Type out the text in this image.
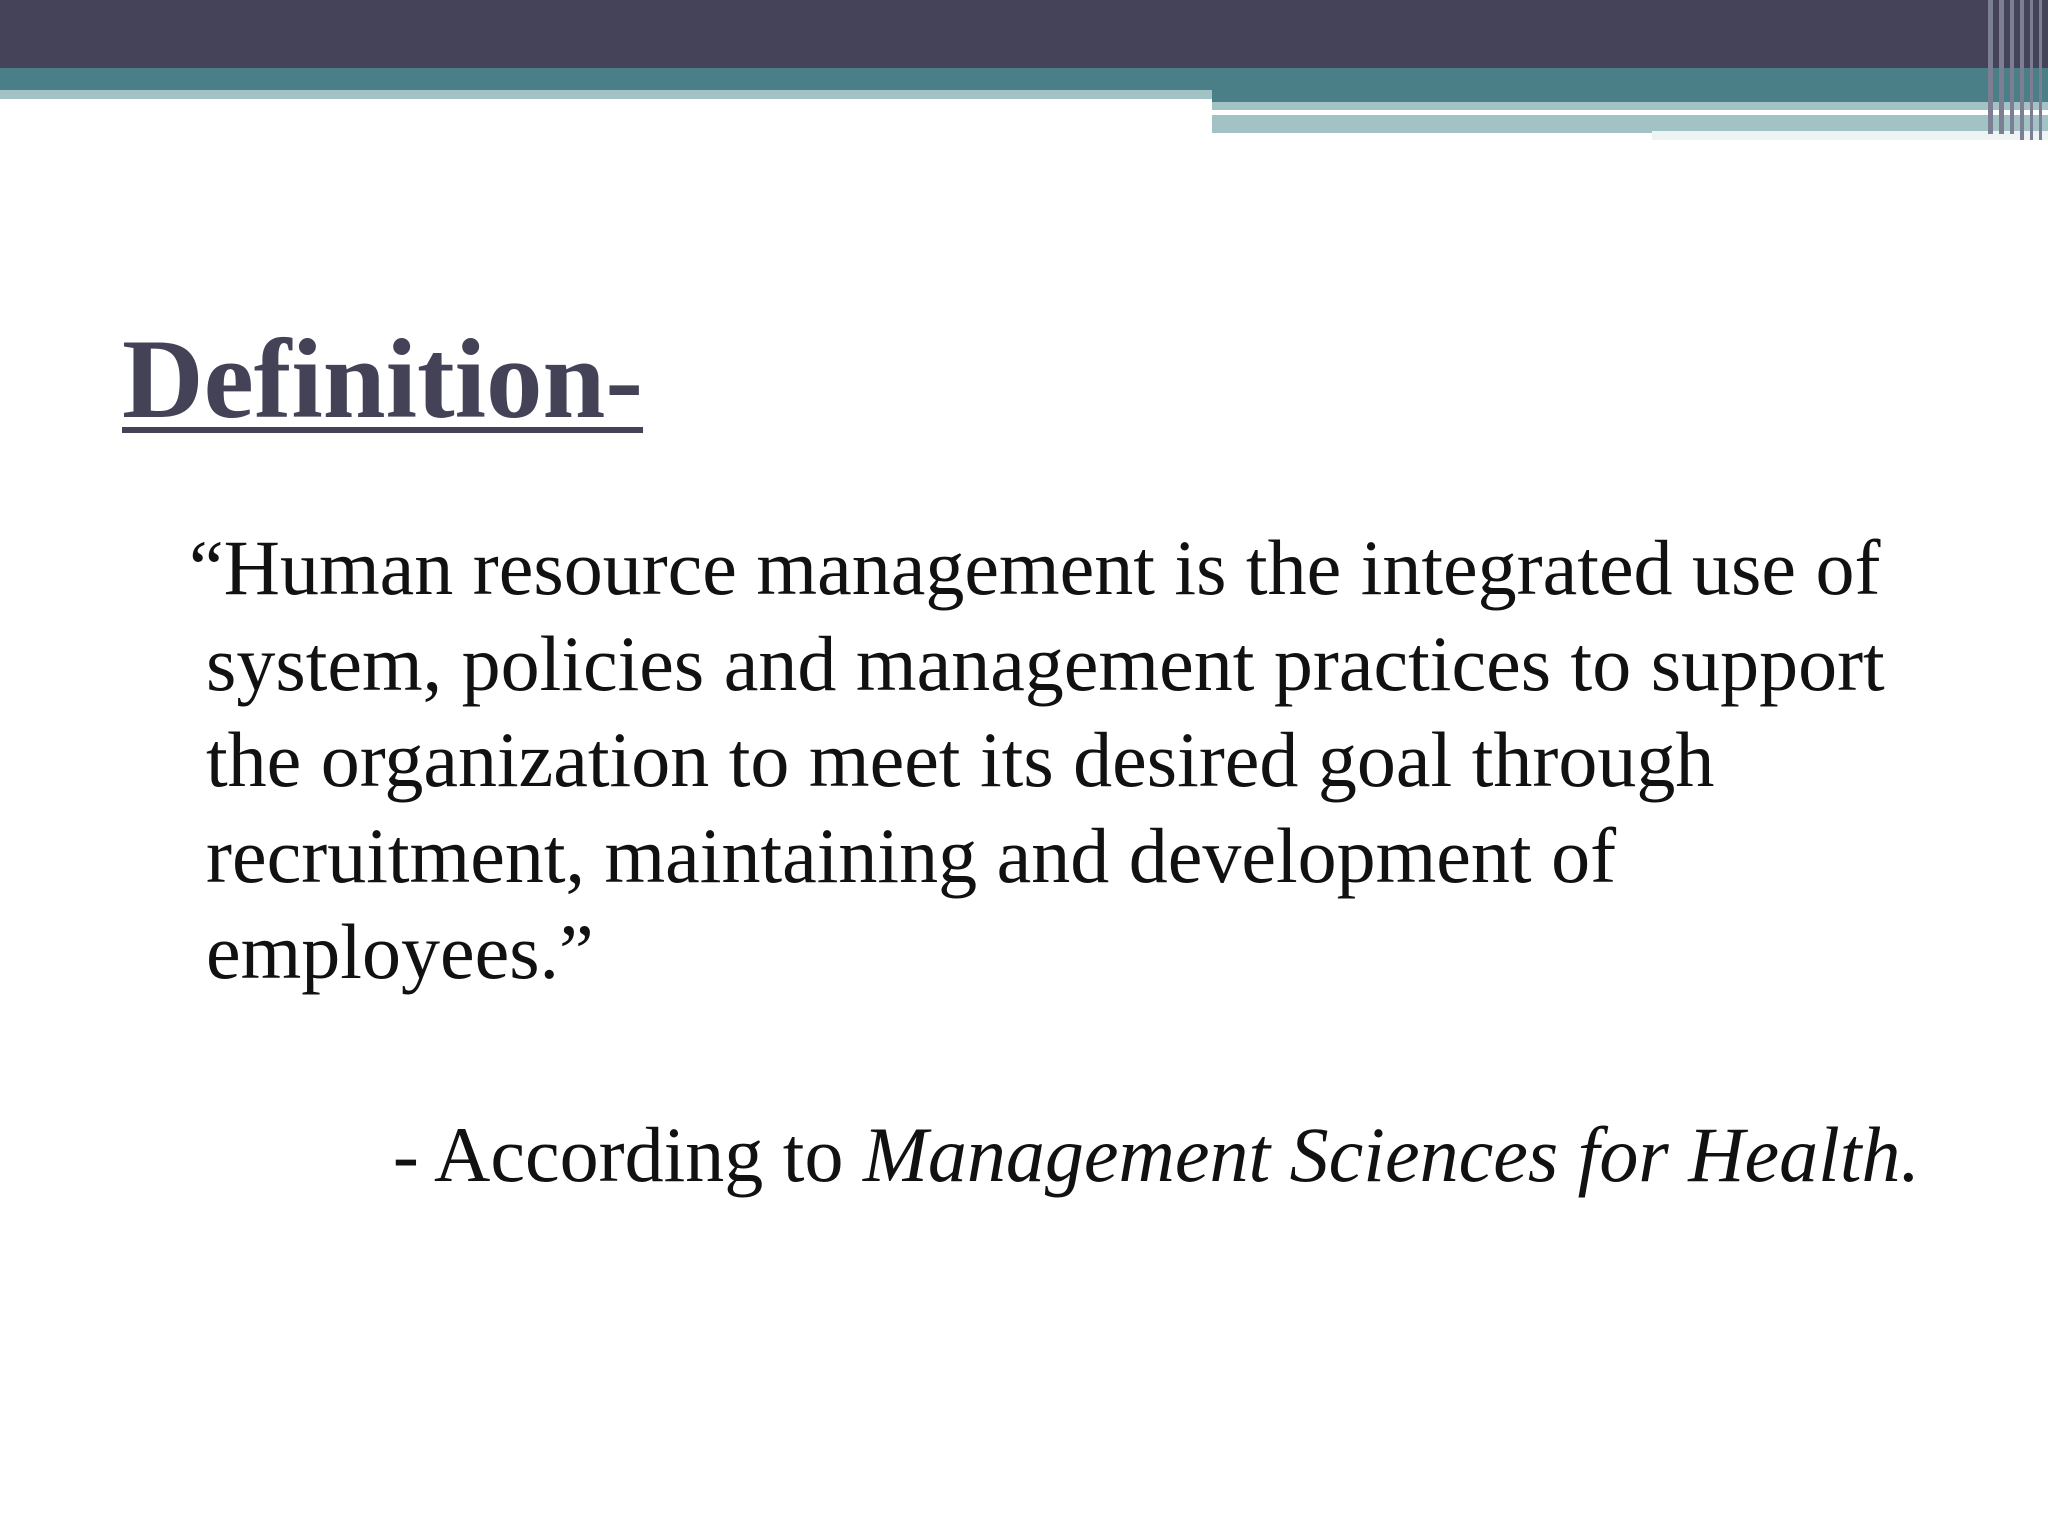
Definition-

“Human resource management is the integrated use of
system, policies and management practices to support
the organization to meet its desired goal through
recruitment, maintaining and development of
employees.”

- According to Management Sciences for Health.
